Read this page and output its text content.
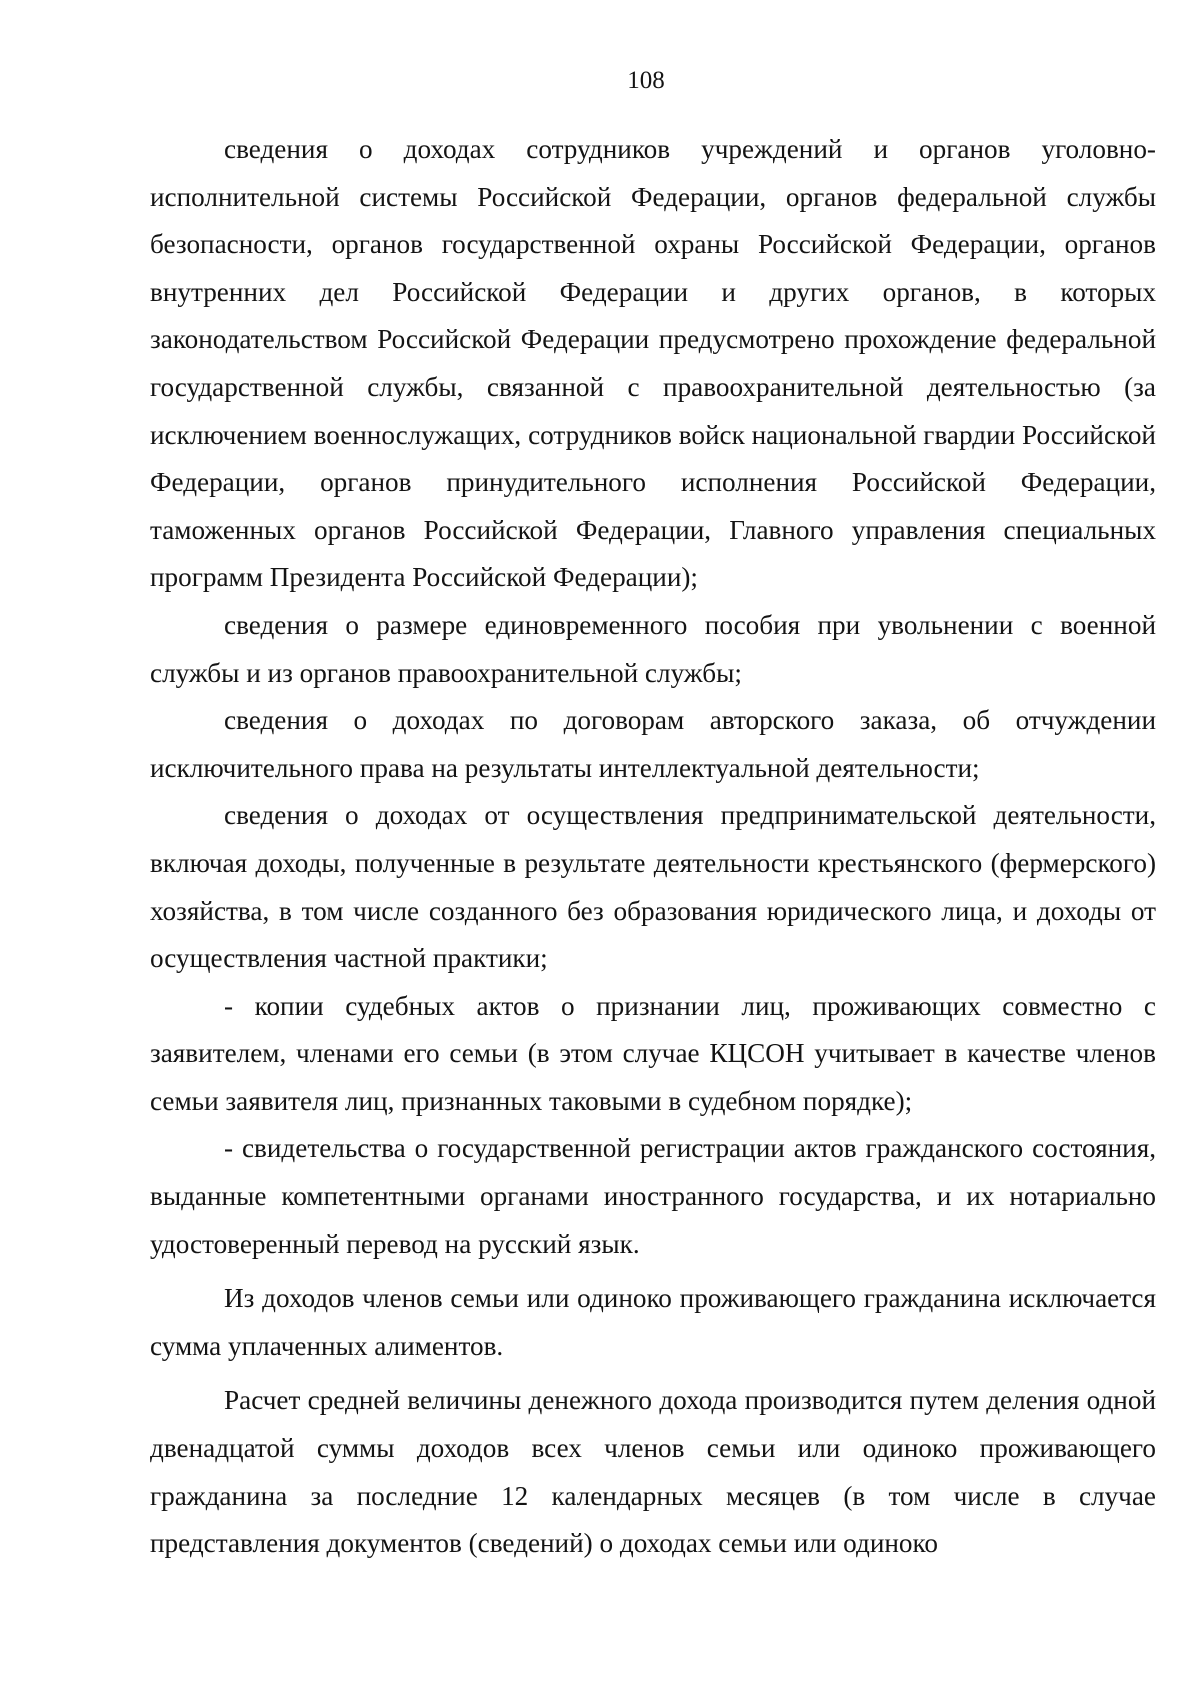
108

сведения о доходах сотрудников учреждений и органов уголовно-исполнительной системы Российской Федерации, органов федеральной службы безопасности, органов государственной охраны Российской Федерации, органов внутренних дел Российской Федерации и других органов, в которых законодательством Российской Федерации предусмотрено прохождение федеральной государственной службы, связанной с правоохранительной деятельностью (за исключением военнослужащих, сотрудников войск национальной гвардии Российской Федерации, органов принудительного исполнения Российской Федерации, таможенных органов Российской Федерации, Главного управления специальных программ Президента Российской Федерации);

сведения о размере единовременного пособия при увольнении с военной службы и из органов правоохранительной службы;

сведения о доходах по договорам авторского заказа, об отчуждении исключительного права на результаты интеллектуальной деятельности;

сведения о доходах от осуществления предпринимательской деятельности, включая доходы, полученные в результате деятельности крестьянского (фермерского) хозяйства, в том числе созданного без образования юридического лица, и доходы от осуществления частной практики;

- копии судебных актов о признании лиц, проживающих совместно с заявителем, членами его семьи (в этом случае КЦСОН учитывает в качестве членов семьи заявителя лиц, признанных таковыми в судебном порядке);

- свидетельства о государственной регистрации актов гражданского состояния, выданные компетентными органами иностранного государства, и их нотариально удостоверенный перевод на русский язык.

Из доходов членов семьи или одиноко проживающего гражданина исключается сумма уплаченных алиментов.

Расчет средней величины денежного дохода производится путем деления одной двенадцатой суммы доходов всех членов семьи или одиноко проживающего гражданина за последние 12 календарных месяцев (в том числе в случае представления документов (сведений) о доходах семьи или одиноко
